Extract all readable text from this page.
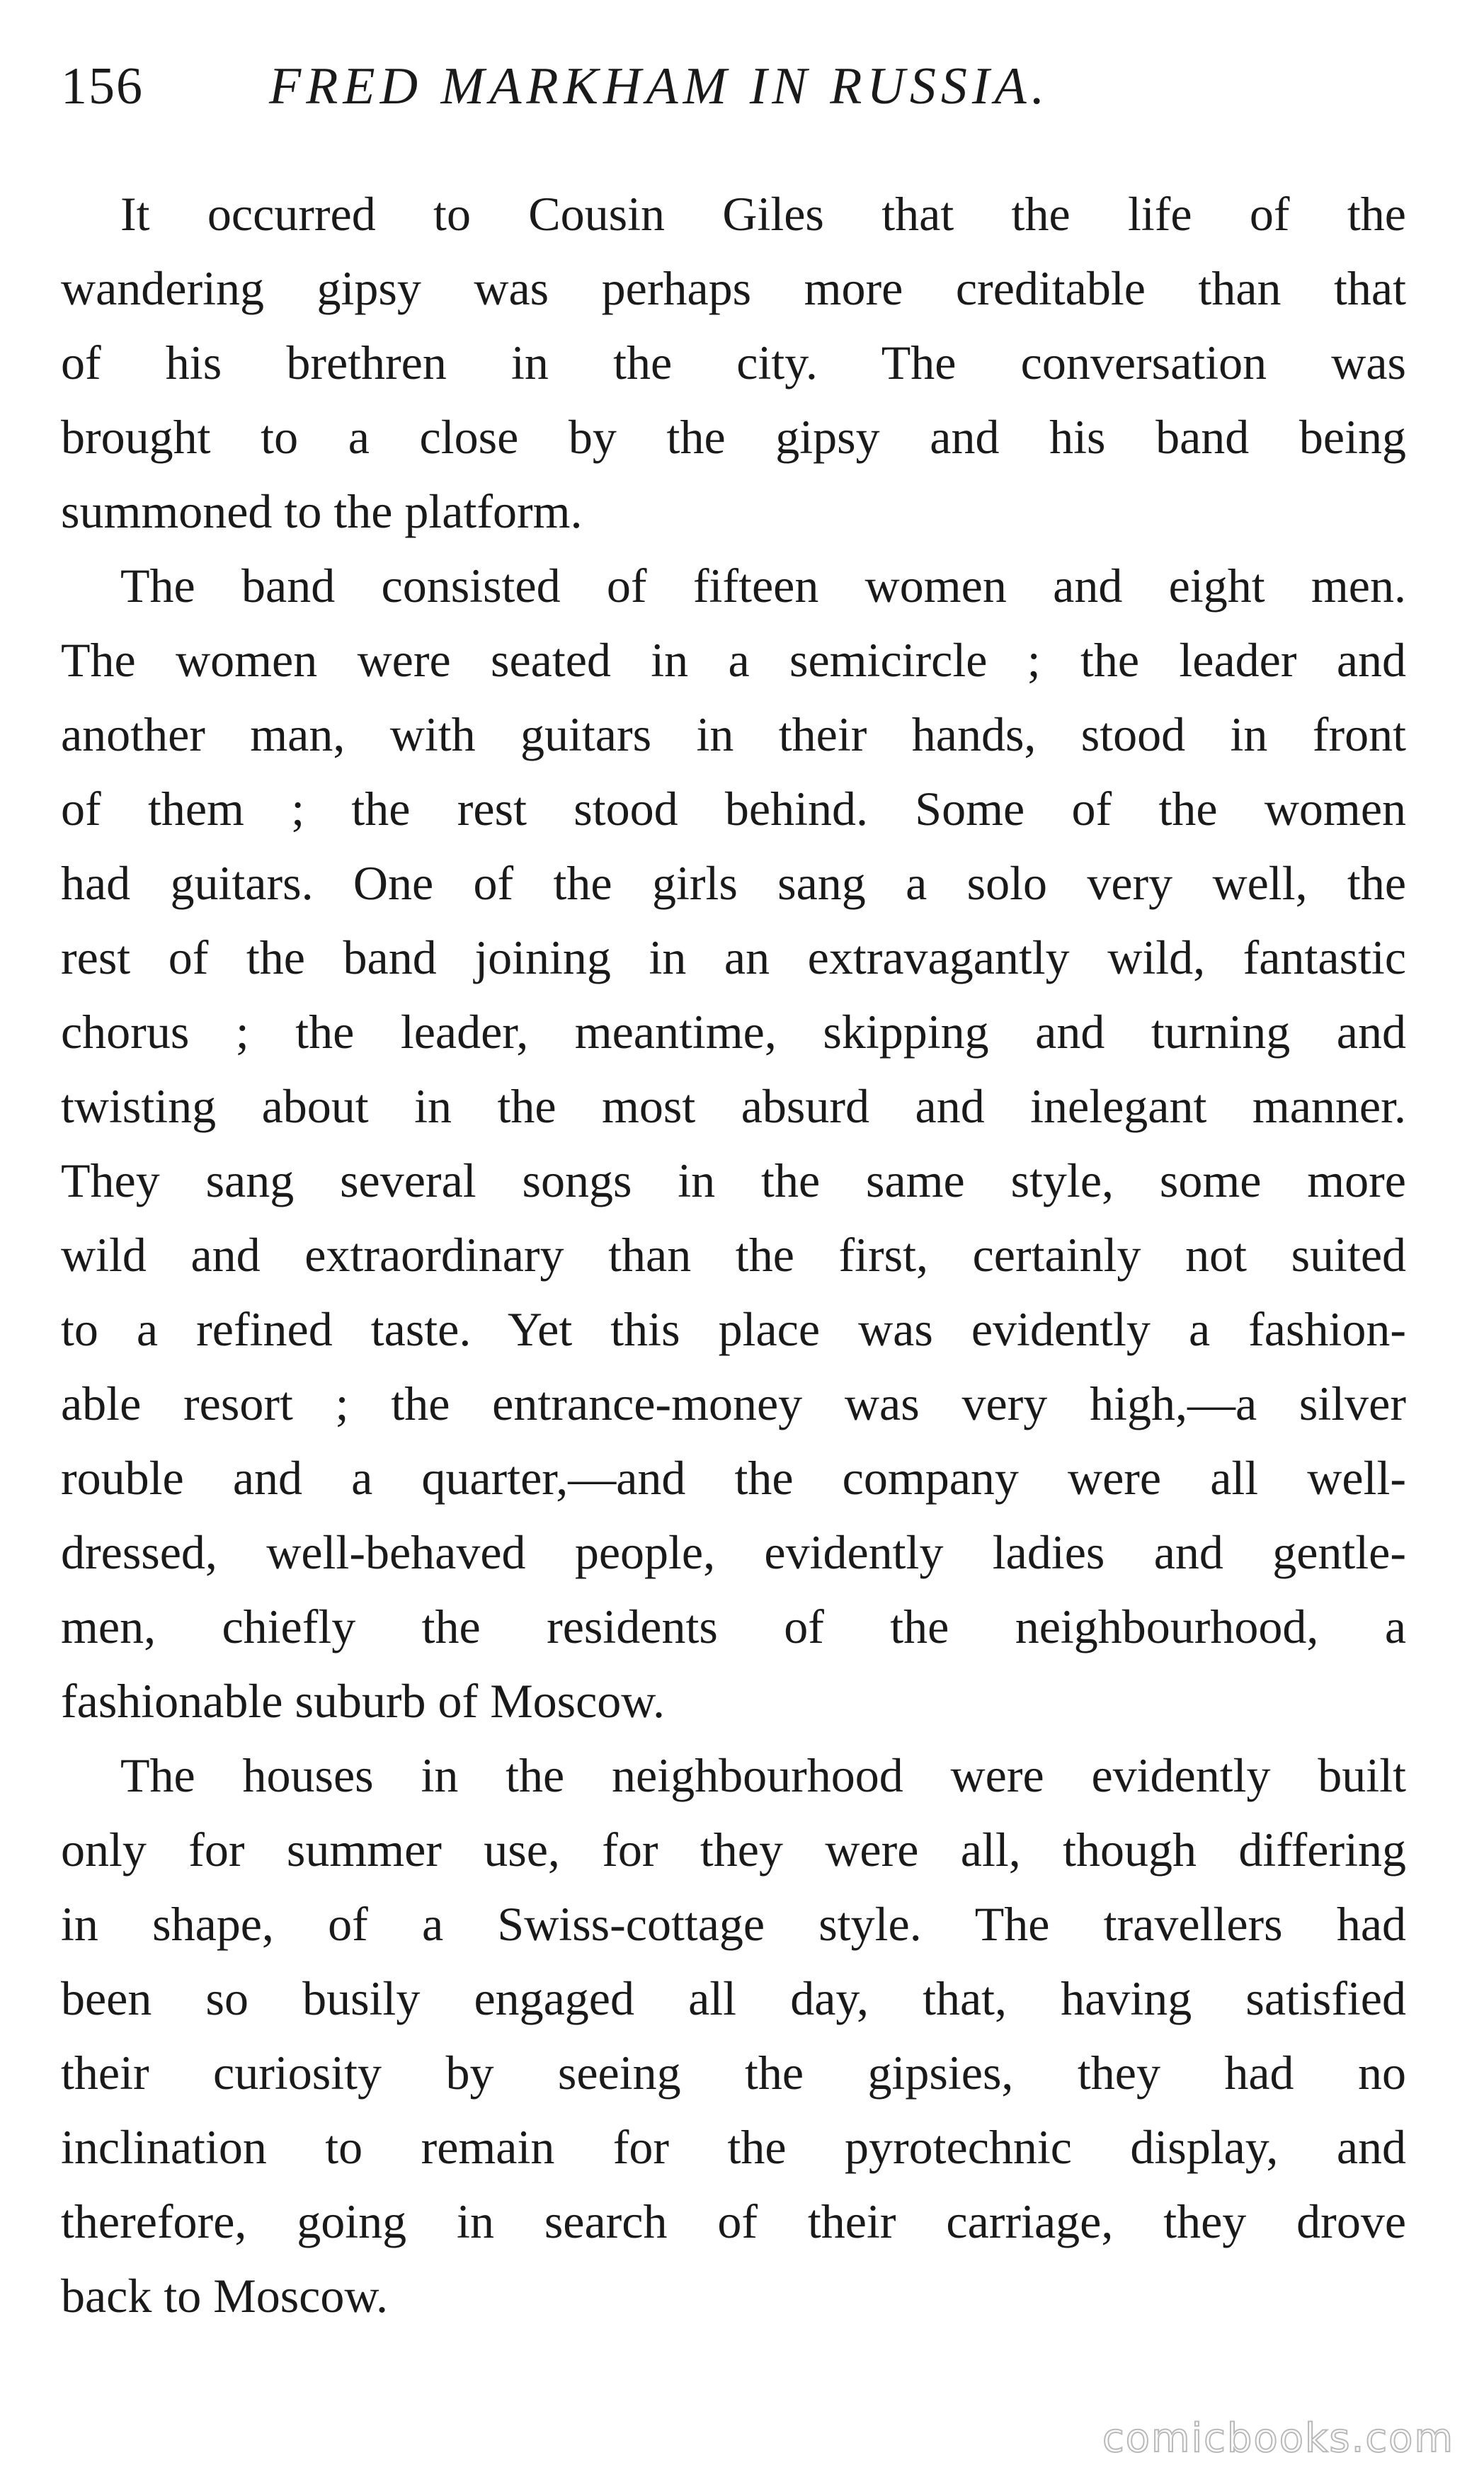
156 FRED MARKHAM IN RUSSIA.
It occurred to Cousin Giles that the life of the
wandering gipsy was perhaps more creditable than that
of his brethren in the city. The conversation was
brought to a close by the gipsy and his band being
summoned to the platform.
The band consisted of fifteen women and eight men.
The women were seated in a semicircle ; the leader and
another man, with guitars in their hands, stood in front
of them ; the rest stood behind. Some of the women
had guitars. One of the girls sang a solo very well, the
rest of the band joining in an extravagantly wild, fantastic
chorus ; the leader, meantime, skipping and turning and
twisting about in the most absurd and inelegant manner.
They sang several songs in the same style, some more
wild and extraordinary than the first, certainly not suited
to a refined taste. Yet this place was evidently a fashion-
able resort ; the entrance-money was very high,—a silver
rouble and a quarter,—and the company were all well-
dressed, well-behaved people, evidently ladies and gentle-
men, chiefly the residents of the neighbourhood, a
fashionable suburb of Moscow.
The houses in the neighbourhood were evidently built
only for summer use, for they were all, though differing
in shape, of a Swiss-cottage style. The travellers had
been so busily engaged all day, that, having satisfied
their curiosity by seeing the gipsies, they had no
inclination to remain for the pyrotechnic display, and
therefore, going in search of their carriage, they drove
back to Moscow.
comicbooks.com
